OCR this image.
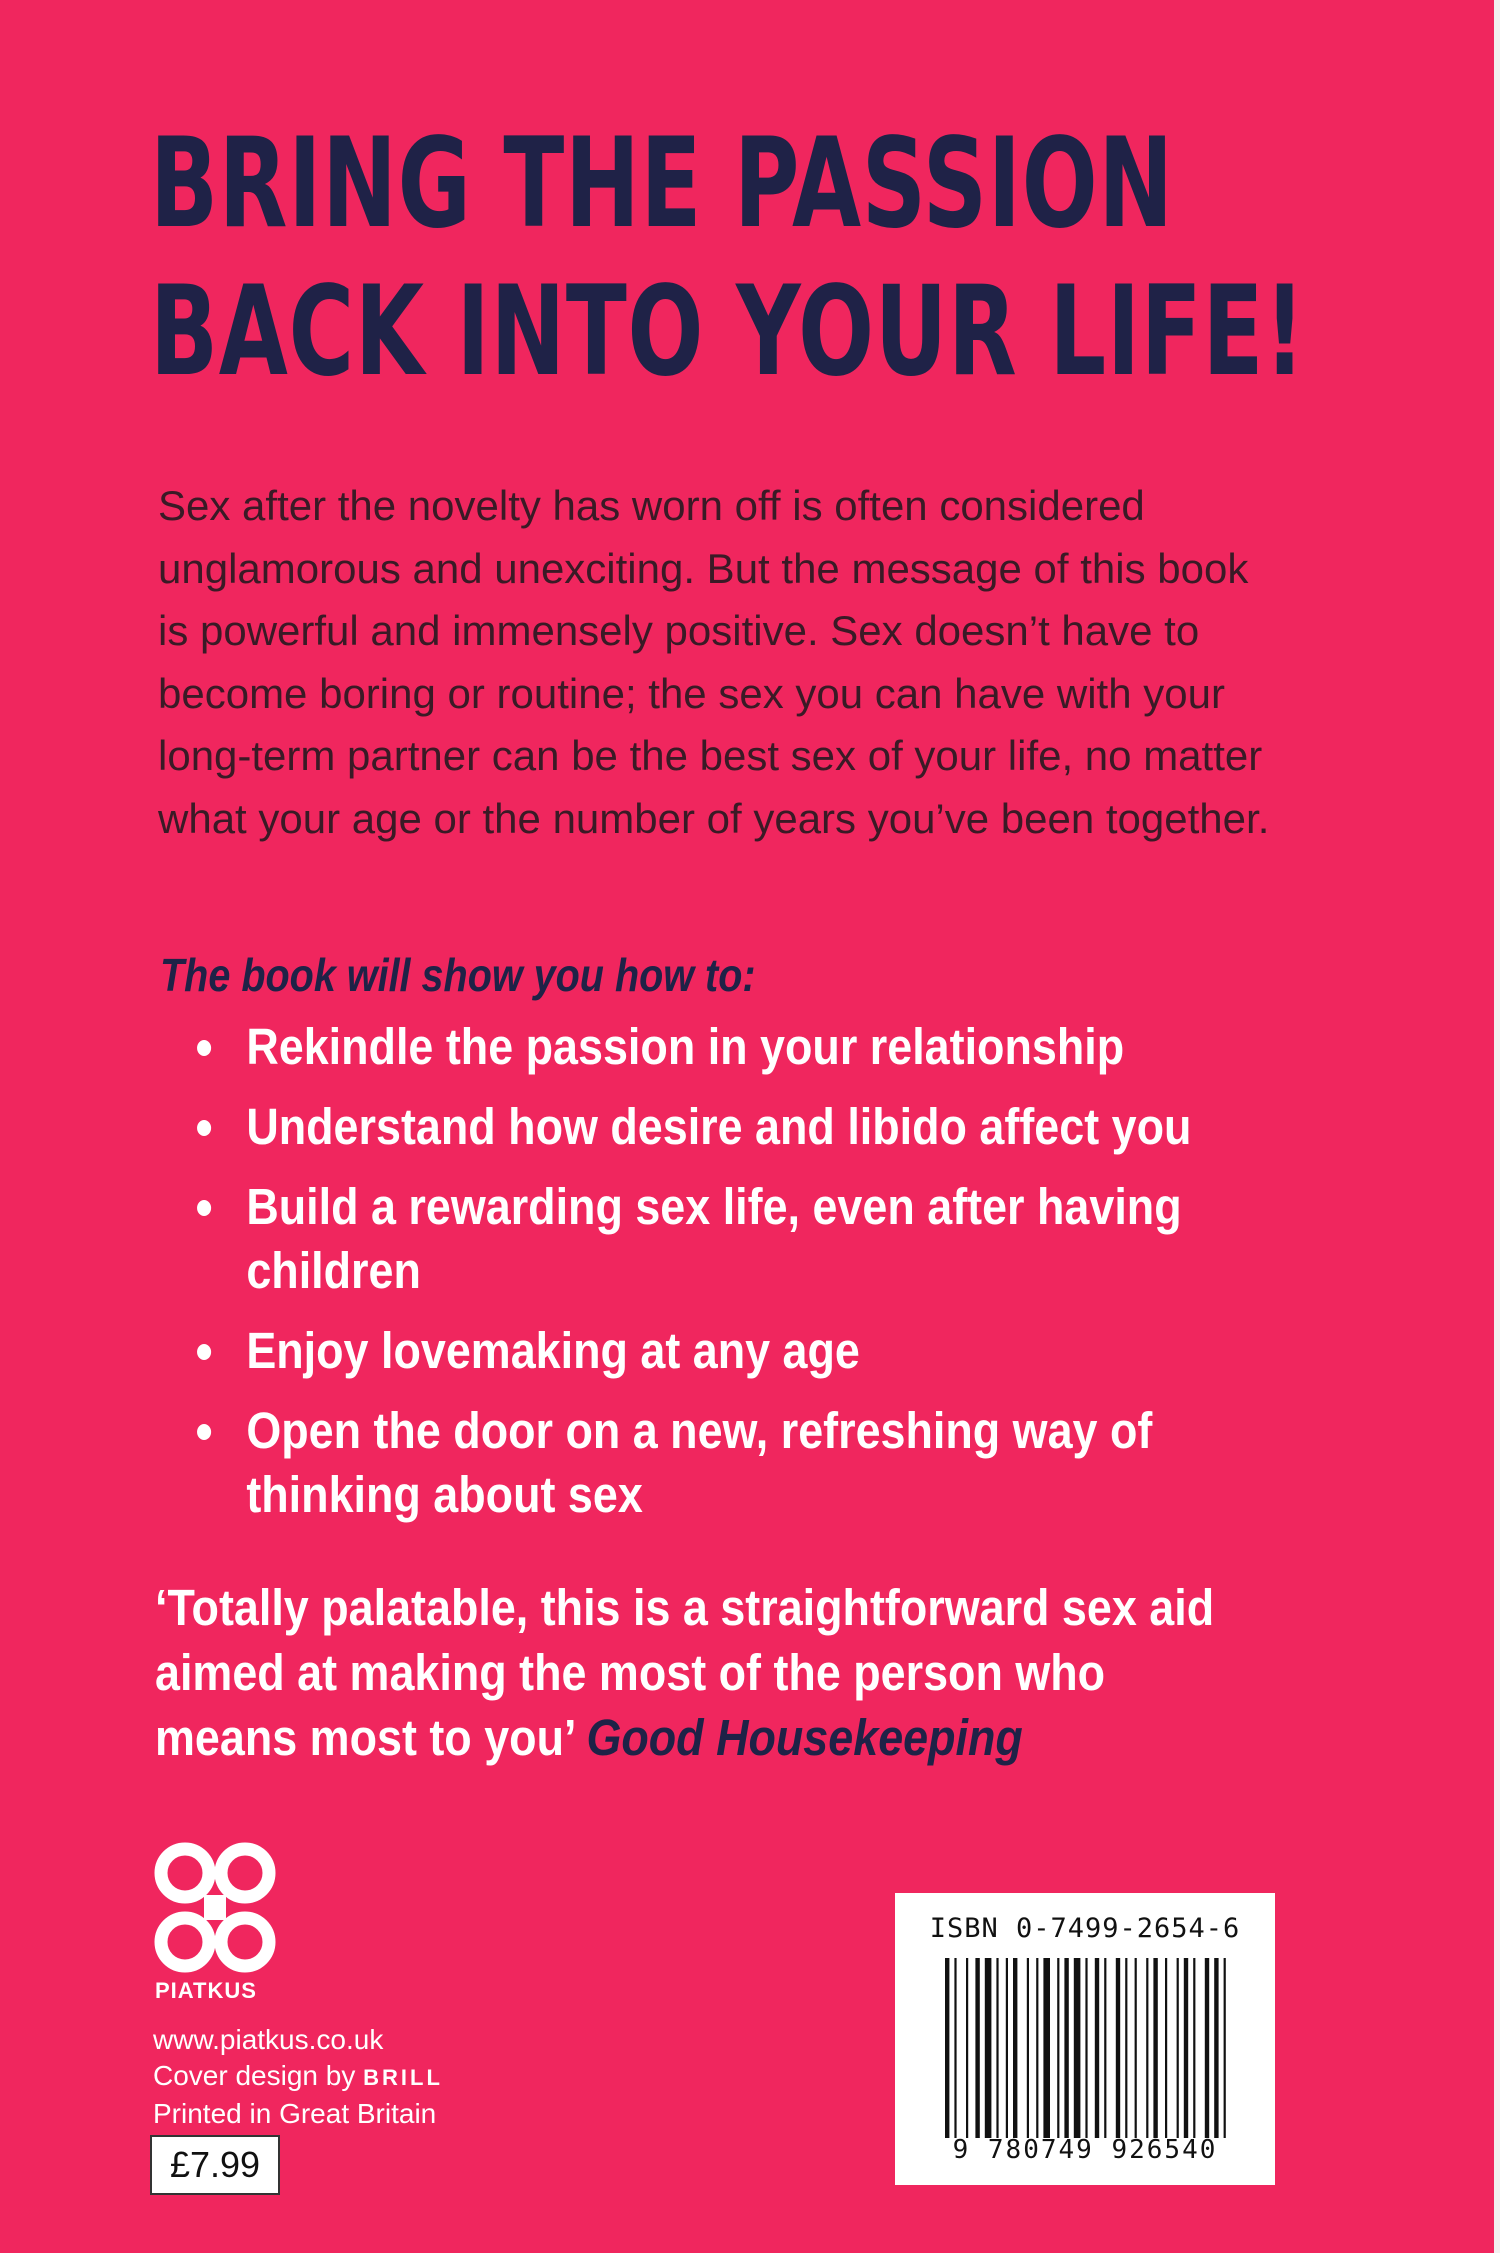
BRING THE PASSION
BACK INTO YOUR LIFE!

Sex after the novelty has worn off is often considered unglamorous and unexciting. But the message of this book is powerful and immensely positive. Sex doesn’t have to become boring or routine; the sex you can have with your long-term partner can be the best sex of your life, no matter what your age or the number of years you’ve been together.

The book will show you how to:
Rekindle the passion in your relationship
Understand how desire and libido affect you
Build a rewarding sex life, even after having children
Enjoy lovemaking at any age
Open the door on a new, refreshing way of thinking about sex

‘Totally palatable, this is a straightforward sex aid aimed at making the most of the person who means most to you’ Good Housekeeping

PIATKUS
www.piatkus.co.uk
Cover design by BRILL
Printed in Great Britain
£7.99
ISBN 0-7499-2654-6
9 780749 926540
